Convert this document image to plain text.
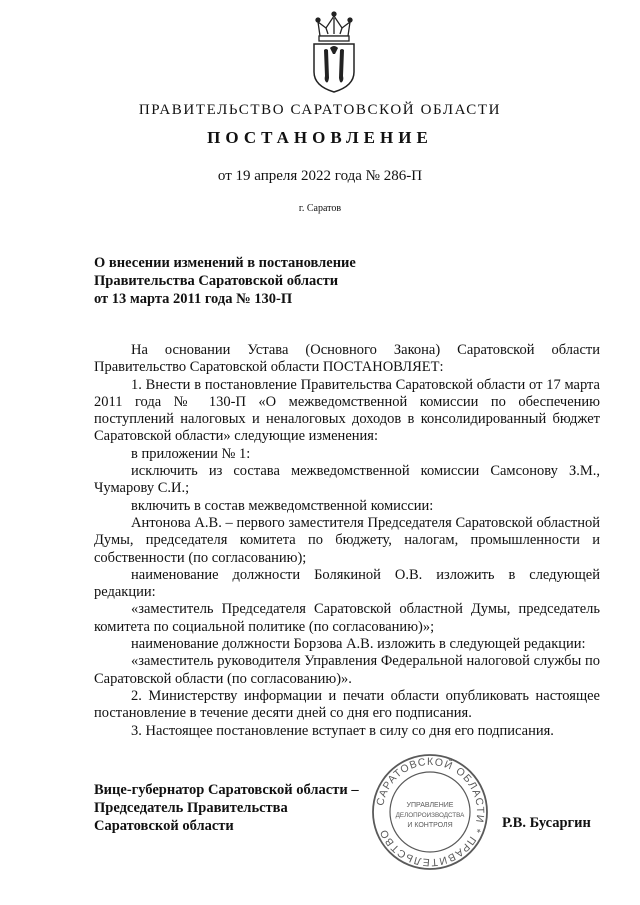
ПРАВИТЕЛЬСТВО САРАТОВСКОЙ ОБЛАСТИ
ПОСТАНОВЛЕНИЕ
от 19 апреля 2022 года № 286-П
г. Саратов
О внесении изменений в постановление
Правительства Саратовской области
от 13 марта 2011 года № 130-П
На основании Устава (Основного Закона) Саратовской области Правительство Саратовской области ПОСТАНОВЛЯЕТ:
1. Внести в постановление Правительства Саратовской области от 17 марта 2011 года № 130-П «О межведомственной комиссии по обеспечению поступлений налоговых и неналоговых доходов в консолидированный бюджет Саратовской области» следующие изменения:
в приложении № 1:
исключить из состава межведомственной комиссии Самсонову З.М., Чумарову С.И.;
включить в состав межведомственной комиссии:
Антонова А.В. – первого заместителя Председателя Саратовской областной Думы, председателя комитета по бюджету, налогам, промышленности и собственности (по согласованию);
наименование должности Болякиной О.В. изложить в следующей редакции:
«заместитель Председателя Саратовской областной Думы, председатель комитета по социальной политике (по согласованию)»;
наименование должности Борзова А.В. изложить в следующей редакции:
«заместитель руководителя Управления Федеральной налоговой службы по Саратовской области (по согласованию)».
2. Министерству информации и печати области опубликовать настоящее постановление в течение десяти дней со дня его подписания.
3. Настоящее постановление вступает в силу со дня его подписания.
Вице-губернатор Саратовской области –
Председатель Правительства
Саратовской области
САРАТОВСКОЙ ОБЛАСТИ * ПРАВИТЕЛЬСТВО
УПРАВЛЕНИЕ
ДЕЛОПРОИЗВОДСТВА
И КОНТРОЛЯ	Р.В. Бусаргин
